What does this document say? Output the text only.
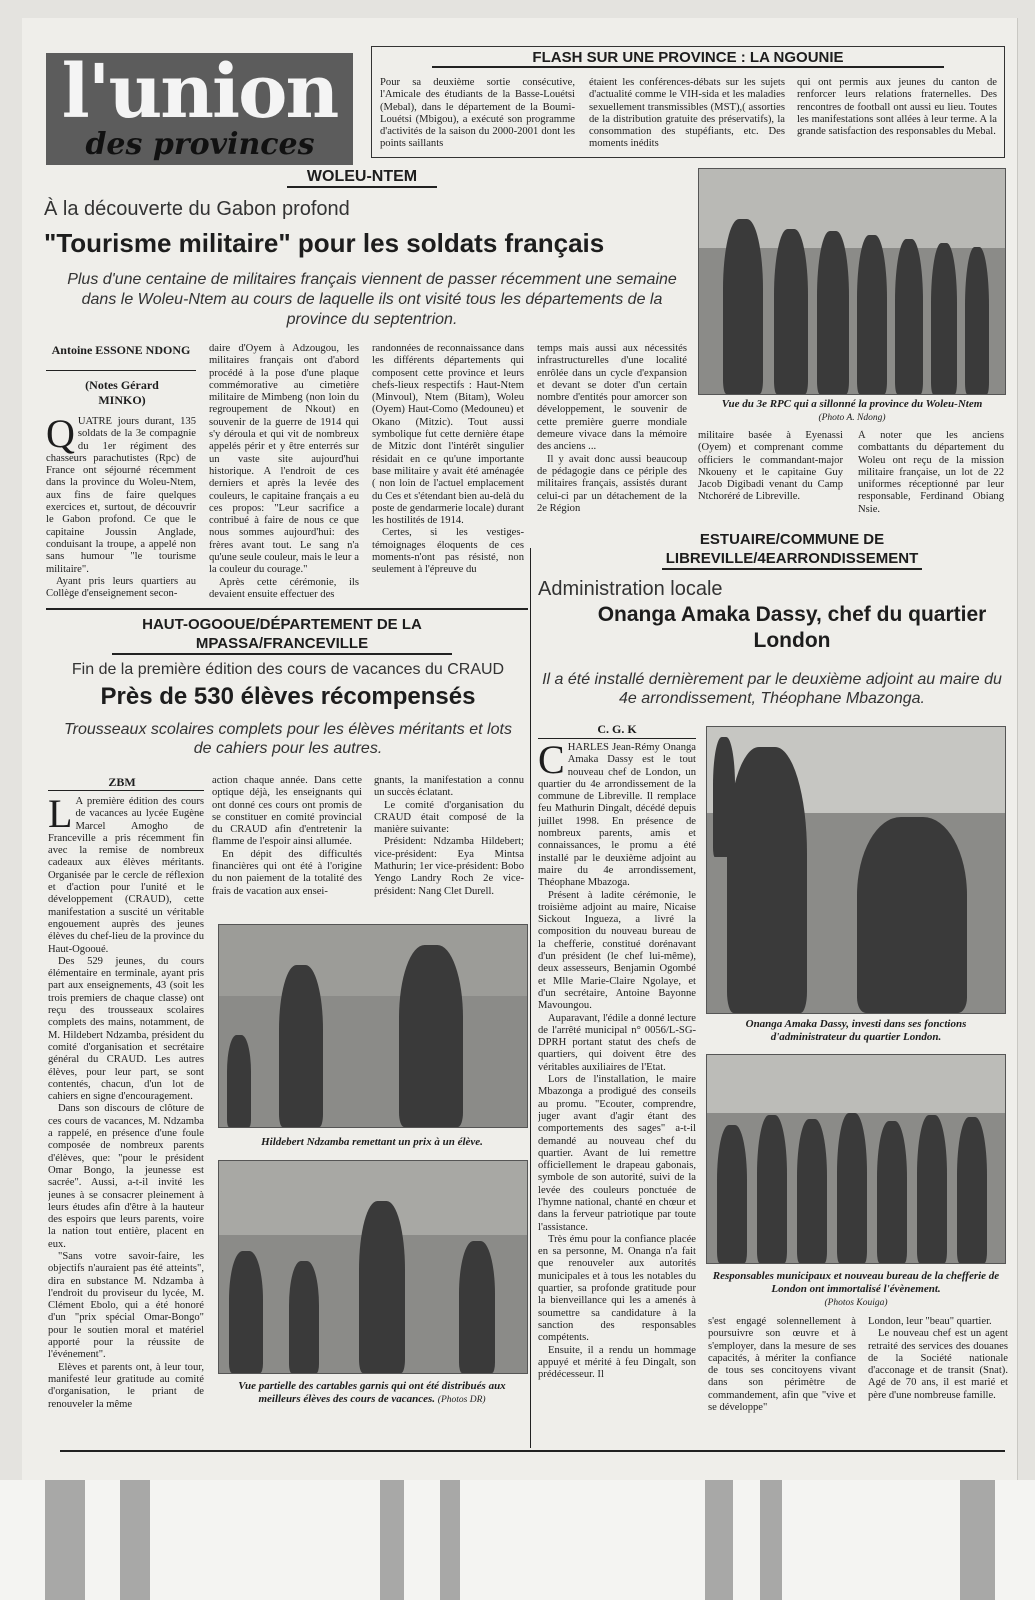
l'union
des provinces
FLASH SUR UNE PROVINCE : LA NGOUNIE

Pour sa deuxième sortie consécutive, l'Amicale des étudiants de la Basse-Louétsi (Mebal), dans le département de la Boumi-Louétsi (Mbigou), a exécuté son programme d'activités de la saison du 2000-2001 dont les points saillants

étaient les conférences-débats sur les sujets d'actualité comme le VIH-sida et les maladies sexuellement transmissibles (MST),( assorties de la distribution gratuite des préservatifs), la consommation des stupéfiants, etc. Des moments inédits

qui ont permis aux jeunes du canton de renforcer leurs relations fraternelles. Des rencontres de football ont aussi eu lieu. Toutes les manifestations sont allées à leur terme. A la grande satisfaction des responsables du Mebal.

WOLEU-NTEM
À la découverte du Gabon profond
"Tourisme militaire" pour les soldats français
Plus d'une centaine de militaires français viennent de passer récemment une semaine dans le Woleu-Ntem au cours de laquelle ils ont visité tous les départements de la province du septentrion.
Antoine ESSONE NDONG
(Notes Gérard MINKO)

QUATRE jours durant, 135 soldats de la 3e compagnie du 1er régiment des chasseurs parachutistes (Rpc) de France ont séjourné récemment dans la province du Woleu-Ntem, aux fins de faire quelques exercices et, surtout, de découvrir le Gabon profond. Ce que le capitaine Joussin Anglade, conduisant la troupe, a appelé non sans humour "le tourisme militaire".

Ayant pris leurs quartiers au Collège d'enseignement secon-

daire d'Oyem à Adzougou, les militaires français ont d'abord procédé à la pose d'une plaque commémorative au cimetière militaire de Mimbeng (non loin du regroupement de Nkout) en souvenir de la guerre de 1914 qui s'y déroula et qui vit de nombreux appelés périr et y être enterrés sur un vaste site aujourd'hui historique. A l'endroit de ces derniers et après la levée des couleurs, le capitaine français a eu ces propos: "Leur sacrifice a contribué à faire de nous ce que nous sommes aujourd'hui: des frères avant tout. Le sang n'a qu'une seule couleur, mais le leur a la couleur du courage."

Après cette cérémonie, ils devaient ensuite effectuer des

randonnées de reconnaissance dans les différents départements qui composent cette province et leurs chefs-lieux respectifs : Haut-Ntem (Minvoul), Ntem (Bitam), Woleu (Oyem) Haut-Como (Medouneu) et Okano (Mitzic). Tout aussi symbolique fut cette dernière étape de Mitzic dont l'intérêt singulier résidait en ce qu'une importante base militaire y avait été aménagée ( non loin de l'actuel emplacement du Ces et s'étendant bien au-delà du poste de gendarmerie locale) durant les hostilités de 1914.

Certes, si les vestiges-témoignages éloquents de ces moments-n'ont pas résisté, non seulement à l'épreuve du

temps mais aussi aux nécessités infrastructurelles d'une localité enrôlée dans un cycle d'expansion et devant se doter d'un certain nombre d'entités pour amorcer son développement, le souvenir de cette première guerre mondiale demeure vivace dans la mémoire des anciens ...

Il y avait donc aussi beaucoup de pédagogie dans ce périple des militaires français, assistés durant celui-ci par un détachement de la 2e Région

Vue du 3e RPC qui a sillonné la province du Woleu-Ntem (Photo A. Ndong)

militaire basée à Eyenassi (Oyem) et comprenant comme officiers le commandant-major Nkoueny et le capitaine Guy Jacob Digibadi venant du Camp Ntchoréré de Libreville.

À noter que les anciens combattants du département du Woleu ont reçu de la mission militaire française, un lot de 22 uniformes réceptionné par leur responsable, Ferdinand Obiang Nsie.

HAUT-OGOOUE/DÉPARTEMENT DE LA MPASSA/FRANCEVILLE
Fin de la première édition des cours de vacances du CRAUD
Près de 530 élèves récompensés
Trousseaux scolaires complets pour les élèves méritants et lots de cahiers pour les autres.
ZBM

L A première édition des cours de vacances au lycée Eugène Marcel Amogho de Franceville a pris récemment fin avec la remise de nombreux cadeaux aux élèves méritants. Organisée par le cercle de réflexion et d'action pour l'unité et le développement (CRAUD), cette manifestation a suscité un véritable engouement auprès des jeunes élèves du chef-lieu de la province du Haut-Ogooué.

Des 529 jeunes, du cours élémentaire en terminale, ayant pris part aux enseignements, 43 (soit les trois premiers de chaque classe) ont reçu des trousseaux scolaires complets des mains, notamment, de M. Hildebert Ndzamba, président du comité d'organisation et secrétaire général du CRAUD. Les autres élèves, pour leur part, se sont contentés, chacun, d'un lot de cahiers en signe d'encouragement.

Dans son discours de clôture de ces cours de vacances, M. Ndzamba a rappelé, en présence d'une foule composée de nombreux parents d'élèves, que: "pour le président Omar Bongo, la jeunesse est sacrée". Aussi, a-t-il invité les jeunes à se consacrer pleinement à leurs études afin d'être à la hauteur des espoirs que leurs parents, voire la nation tout entière, placent en eux.

"Sans votre savoir-faire, les objectifs n'auraient pas été atteints", dira en substance M. Ndzamba à l'endroit du proviseur du lycée, M. Clément Ebolo, qui a été honoré d'un "prix spécial Omar-Bongo" pour le soutien moral et matériel apporté pour la réussite de l'événement".

Elèves et parents ont, à leur tour, manifesté leur gratitude au comité d'organisation, le priant de renouveler la même

action chaque année. Dans cette optique déjà, les enseignants qui ont donné ces cours ont promis de se constituer en comité provincial du CRAUD afin d'entretenir la flamme de l'espoir ainsi allumée.

En dépit des difficultés financières qui ont été à l'origine du non paiement de la totalité des frais de vacation aux ensei-

gnants, la manifestation a connu un succès éclatant.

Le comité d'organisation du CRAUD était composé de la manière suivante:

Président: Ndzamba Hildebert; vice-président: Eya Mintsa Mathurin; 1er vice-président: Bobo Yengo Landry Roch 2e vice-président: Nang Clet Durell.

Hildebert Ndzamba remettant un prix à un élève.
Vue partielle des cartables garnis qui ont été distribués aux meilleurs élèves des cours de vacances. (Photos DR)
ESTUAIRE/COMMUNE DE LIBREVILLE/4EARRONDISSEMENT
Administration locale
Onanga Amaka Dassy, chef du quartier London
Il a été installé dernièrement par le deuxième adjoint au maire du 4e arrondissement, Théophane Mbazonga.
C. G. K

CHARLES Jean-Rémy Onanga Amaka Dassy est le tout nouveau chef de London, un quartier du 4e arrondissement de la commune de Libreville. Il remplace feu Mathurin Dingalt, décédé depuis juillet 1998. En présence de nombreux parents, amis et connaissances, le promu a été installé par le deuxième adjoint au maire du 4e arrondissement, Théophane Mbazoga.

Présent à ladite cérémonie, le troisième adjoint au maire, Nicaise Sickout Ingueza, a livré la composition du nouveau bureau de la chefferie, constitué dorénavant d'un président (le chef lui-même), deux assesseurs, Benjamin Ogombé et Mlle Marie-Claire Ngolaye, et d'un secrétaire, Antoine Bayonne Mavoungou.

Auparavant, l'édile a donné lecture de l'arrêté municipal n° 0056/L-SG-DPRH portant statut des chefs de quartiers, qui doivent être des véritables auxiliaires de l'Etat.

Lors de l'installation, le maire Mbazonga a prodigué des conseils au promu. "Ecouter, comprendre, juger avant d'agir étant des comportements des sages" a-t-il demandé au nouveau chef du quartier. Avant de lui remettre officiellement le drapeau gabonais, symbole de son autorité, suivi de la levée des couleurs ponctuée de l'hymne national, chanté en chœur et dans la ferveur patriotique par toute l'assistance.

Très ému pour la confiance placée en sa personne, M. Onanga n'a fait que renouveler aux autorités municipales et à tous les notables du quartier, sa profonde gratitude pour la bienveillance qui les a amenés à soumettre sa candidature à la sanction des responsables compétents.

Ensuite, il a rendu un hommage appuyé et mérité à feu Dingalt, son prédécesseur. Il

Onanga Amaka Dassy, investi dans ses fonctions d'administrateur du quartier London.
Responsables municipaux et nouveau bureau de la chefferie de London ont immortalisé l'évènement.
(Photos Kouiga)

s'est engagé solennellement à poursuivre son œuvre et à s'employer, dans la mesure de ses capacités, à mériter la confiance de tous ses concitoyens vivant dans son périmètre de commandement, afin que "vive et se développe"

London, leur "beau" quartier.

Le nouveau chef est un agent retraité des services des douanes de la Société nationale d'acconage et de transit (Snat). Agé de 70 ans, il est marié et père d'une nombreuse famille.
